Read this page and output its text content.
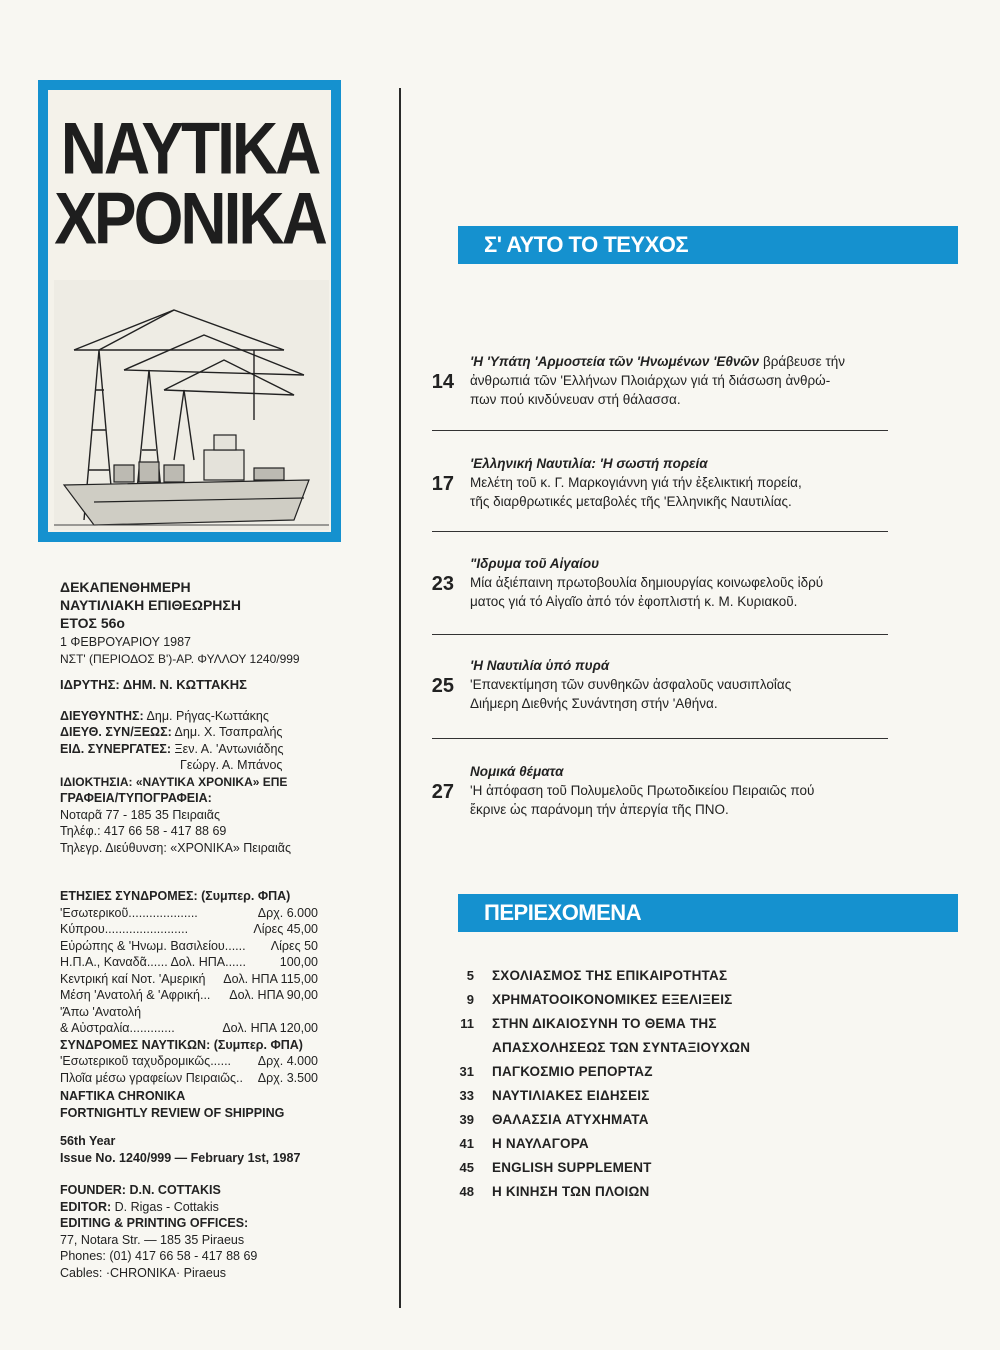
ΝΑΥΤΙΚΑ
ΧΡΟΝΙΚΑ
ΔΕΚΑΠΕΝΘΗΜΕΡΗ
ΝΑΥΤΙΛΙΑΚΗ ΕΠΙΘΕΩΡΗΣΗ
ΕΤΟΣ 56ο
1 ΦΕΒΡΟΥΑΡΙΟΥ 1987
ΝΣΤ' (ΠΕΡΙΟΔΟΣ Β')-ΑΡ. ΦΥΛΛΟΥ 1240/999
ΙΔΡΥΤΗΣ: ΔΗΜ. Ν. ΚΩΤΤΑΚΗΣ
ΔΙΕΥΘΥΝΤΗΣ: Δημ. Ρήγας-Κωττάκης
ΔΙΕΥΘ. ΣΥΝ/ΞΕΩΣ: Δημ. Χ. Τσαπραλής
ΕΙΔ. ΣΥΝΕΡΓΑΤΕΣ: Ξεν. Α. 'Αντωνιάδης
Γεώργ. Α. Μπάνος
ΙΔΙΟΚΤΗΣΙΑ: «ΝΑΥΤΙΚΑ ΧΡΟΝΙΚΑ» ΕΠΕ
ΓΡΑΦΕΙΑ/ΤΥΠΟΓΡΑΦΕΙΑ:
Νοταρᾶ 77 - 185 35 Πειραιᾶς
Τηλέφ.: 417 66 58 - 417 88 69
Τηλεγρ. Διεύθυνση: «ΧΡΟΝΙΚΑ» Πειραιᾶς
ΕΤΗΣΙΕΣ ΣΥΝΔΡΟΜΕΣ: (Συμπερ. ΦΠΑ)
'Εσωτερικοῦ....................	Δρχ. 6.000
Κύπρου........................	Λίρες 45,00
Εὐρώπης & 'Ηνωμ. Βασιλείου...... Λίρες 50
Η.Π.Α., Καναδᾶ...... Δολ. ΗΠΑ......	100,00
Κεντρική καί Νοτ. 'Αμερική Δολ. ΗΠΑ 115,00
Μέση 'Ανατολή & 'Αφρική... Δολ. ΗΠΑ 90,00
'Άπω 'Ανατολή
& Αὐστραλία.............	Δολ. ΗΠΑ 120,00
ΣΥΝΔΡΟΜΕΣ ΝΑΥΤΙΚΩΝ: (Συμπερ. ΦΠΑ)
'Εσωτερικοῦ ταχυδρομικῶς...... Δρχ. 4.000
Πλοῖα μέσω γραφείων Πειραιῶς.. Δρχ. 3.500
NAFTIKA CHRONIKA
FORTNIGHTLY REVIEW OF SHIPPING
56th Year
Issue No. 1240/999 — February 1st, 1987
FOUNDER: D.N. COTTAKIS
EDITOR: D. Rigas - Cottakis
EDITING & PRINTING OFFICES:
77, Notara Str. — 185 35 Piraeus
Phones: (01) 417 66 58 - 417 88 69
Cables: ·CHRONIKA· Piraeus
Σ' ΑΥΤΟ ΤΟ ΤΕΥΧΟΣ
14
'Η 'Υπάτη 'Αρμοστεία τῶν 'Ηνωμένων 'Εθνῶν βράβευσε τήν
ἀνθρωπιά τῶν 'Ελλήνων Πλοιάρχων γιά τή διάσωση ἀνθρώ-
πων πού κινδύνευαν στή θάλασσα.
17
'Ελληνική Ναυτιλία: 'Η σωστή πορεία
Μελέτη τοῦ κ. Γ. Μαρκογιάννη γιά τήν ἐξελικτική πορεία,
τῆς διαρθρωτικές μεταβολές τῆς 'Ελληνικῆς Ναυτιλίας.
23
"Ιδρυμα τοῦ Αἰγαίου
Μία ἀξιέπαινη πρωτοβουλία δημιουργίας κοινωφελοῦς ἱδρύ
ματος γιά τό Αἰγαῖο ἀπό τόν ἐφοπλιστή κ. Μ. Κυριακοῦ.
25
'Η Ναυτιλία ὑπό πυρά
'Επανεκτίμηση τῶν συνθηκῶν ἀσφαλοῦς ναυσιπλοΐας
Διήμερη Διεθνής Συνάντηση στήν 'Αθήνα.
27
Νομικά θέματα
'Η ἀπόφαση τοῦ Πολυμελοῦς Πρωτοδικείου Πειραιῶς πού
ἔκρινε ὡς παράνομη τήν ἀπεργία τῆς ΠΝΟ.
ΠΕΡΙΕΧΟΜΕΝΑ
5 ΣΧΟΛΙΑΣΜΟΣ ΤΗΣ ΕΠΙΚΑΙΡΟΤΗΤΑΣ
9 ΧΡΗΜΑΤΟΟΙΚΟΝΟΜΙΚΕΣ ΕΞΕΛΙΞΕΙΣ
11 ΣΤΗΝ ΔΙΚΑΙΟΣΥΝΗ ΤΟ ΘΕΜΑ ΤΗΣ
ΑΠΑΣΧΟΛΗΣΕΩΣ ΤΩΝ ΣΥΝΤΑΞΙΟΥΧΩΝ
31 ΠΑΓΚΟΣΜΙΟ ΡΕΠΟΡΤΑΖ
33 ΝΑΥΤΙΛΙΑΚΕΣ ΕΙΔΗΣΕΙΣ
39 ΘΑΛΑΣΣΙΑ ΑΤΥΧΗΜΑΤΑ
41 Η ΝΑΥΛΑΓΟΡΑ
45 ENGLISH SUPPLEMENT
48 Η ΚΙΝΗΣΗ ΤΩΝ ΠΛΟΙΩΝ
